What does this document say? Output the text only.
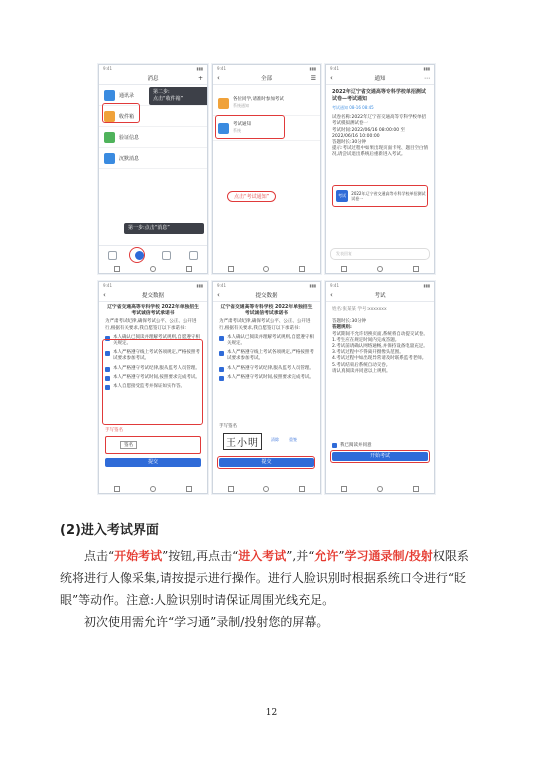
9:41	▮▮▮
消息	+
通讯录
收件箱
验证信息
沉默消息
第二步:
点击“收件箱”
第一步:点击“消息”
9:41	▮▮▮
‹	全部	☰
各位同学,请准时参加考试
系统通知
考试通知
系统
点击“考试通知”
9:41	▮▮▮
‹	通知	⋯
2022年辽宁省交通高等专科学校单招测试试卷—考试通知
考试通知 08-16 08:45
试卷名称:2022年辽宁省交通高等专科学校单招考试模拟测试卷一
考试时间:2022/06/16 08:00:00 至 2022/06/16 10:00:00
答题时长:30分钟
提示:考试过程中如果出现页面卡死、题目空白情况,请尝试退出系统后重新进入考试。
考试	2022年辽宁省交通高等专科学校单招测试试卷一
发表回复
9:41	▮▮▮
‹	提交数据
辽宁省交通高等专科学校 2022年单独招生考试诚信考试承诺书
为严肃考试纪律,确保考试公平、公正、公开进行,根据有关要求,我自愿签订以下承诺书:
本人确认已阅读并理解考试规则,自愿遵守相关规定。
本人严格遵守线上考试各项规定,严格按照考试要求参加考试。
本人严格遵守考试纪律,服从监考人员管理。
本人严格遵守考试时间,按照要求完成考试。
本人自愿接受监考并保证如实作答。
手写签名
签名
提交
9:41	▮▮▮
‹	提交数据
辽宁省交通高等专科学校 2022年单独招生考试诚信考试承诺书
为严肃考试纪律,确保考试公平、公正、公开进行,根据有关要求,我自愿签订以下承诺书:
本人确认已阅读并理解考试规则,自愿遵守相关规定。
本人严格遵守线上考试各项规定,严格按照考试要求参加考试。
本人严格遵守考试纪律,服从监考人员管理。
本人严格遵守考试时间,按照要求完成考试。
手写签名
王小明	清除	重签
提交
9:41	▮▮▮
‹	考试
姓名:张某某 学号:xxxxxxx
答题时长:30分钟
答题规则:
考试期间不允许切换页面,系统将自动提交试卷。
1.考生应在规定时间内完成答题。
2.考试前请确认网络通畅,并保持设备电量充足。
3.考试过程中不得离开摄像头范围。
4.考试过程中如出现异常请及时联系监考老师。
5.考试结束后系统自动交卷。
请认真阅读并同意以上规则。
我已阅读并同意
开始考试
(2)进入考试界面
点击“开始考试”按钮,再点击“进入考试”,并“允许”学习通录制/投射权限系统将进行人像采集,请按提示进行操作。进行人脸识别时根据系统口令进行“眨眼”等动作。注意:人脸识别时请保证周围光线充足。
初次使用需允许“学习通”录制/投射您的屏幕。
12
